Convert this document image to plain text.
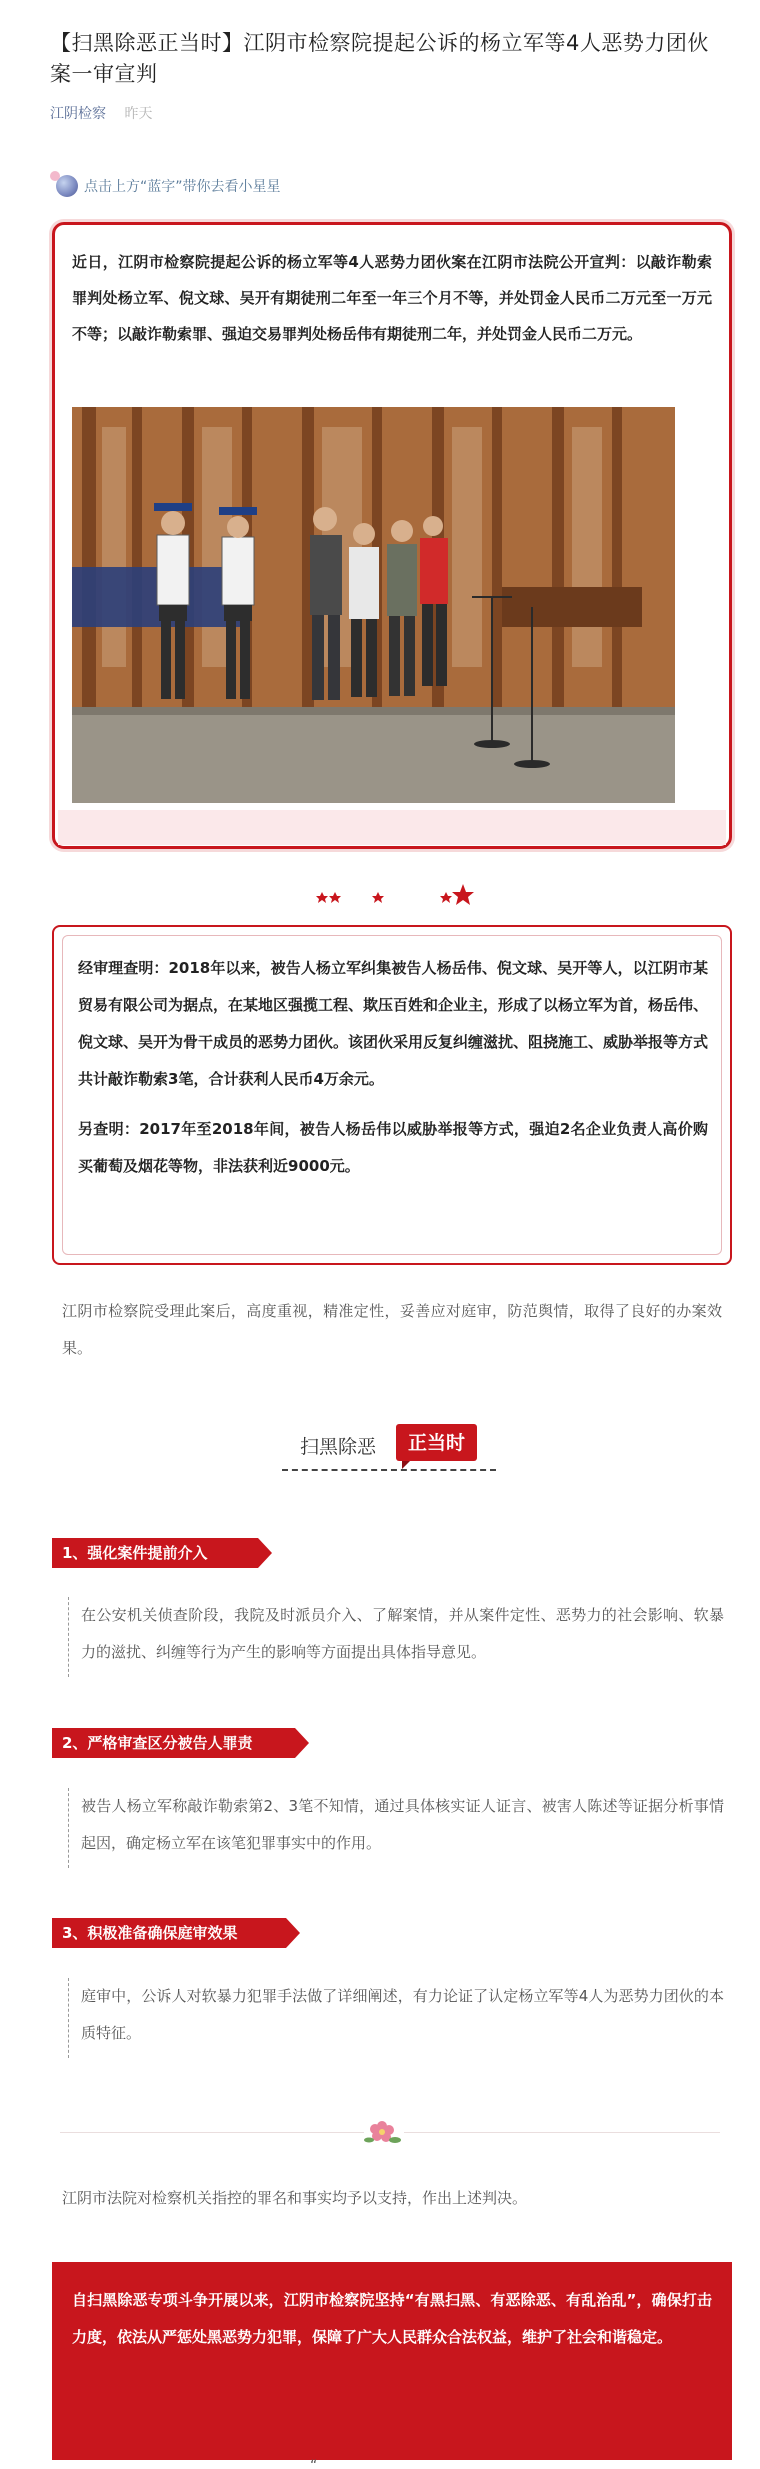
【扫黑除恶正当时】江阴市检察院提起公诉的杨立军等4人恶势力团伙案一审宣判
江阴检察 昨天
点击上方“蓝字”带你去看小星星
近日，江阴市检察院提起公诉的杨立军等4人恶势力团伙案在江阴市法院公开宣判：以敲诈勒索罪判处杨立军、倪文球、吴开有期徒刑二年至一年三个月不等，并处罚金人民币二万元至一万元不等；以敲诈勒索罪、强迫交易罪判处杨岳伟有期徒刑二年，并处罚金人民币二万元。

经审理查明：2018年以来，被告人杨立军纠集被告人杨岳伟、倪文球、吴开等人，以江阴市某贸易有限公司为据点，在某地区强揽工程、欺压百姓和企业主，形成了以杨立军为首，杨岳伟、倪文球、吴开为骨干成员的恶势力团伙。该团伙采用反复纠缠滋扰、阻挠施工、威胁举报等方式共计敲诈勒索3笔，合计获利人民币4万余元。

另查明：2017年至2018年间，被告人杨岳伟以威胁举报等方式，强迫2名企业负责人高价购买葡萄及烟花等物，非法获利近9000元。

江阴市检察院受理此案后，高度重视，精准定性，妥善应对庭审，防范舆情，取得了良好的办案效果。
扫黑除恶	正当时
1、强化案件提前介入
在公安机关侦查阶段，我院及时派员介入、了解案情，并从案件定性、恶势力的社会影响、软暴力的滋扰、纠缠等行为产生的影响等方面提出具体指导意见。
2、严格审查区分被告人罪责
被告人杨立军称敲诈勒索第2、3笔不知情，通过具体核实证人证言、被害人陈述等证据分析事情起因，确定杨立军在该笔犯罪事实中的作用。
3、积极准备确保庭审效果
庭审中，公诉人对软暴力犯罪手法做了详细阐述，有力论证了认定杨立军等4人为恶势力团伙的本质特征。
江阴市法院对检察机关指控的罪名和事实均予以支持，作出上述判决。
自扫黑除恶专项斗争开展以来，江阴市检察院坚持“有黑扫黑、有恶除恶、有乱治乱”，确保打击力度，依法从严惩处黑恶势力犯罪，保障了广大人民群众合法权益，维护了社会和谐稳定。
“
